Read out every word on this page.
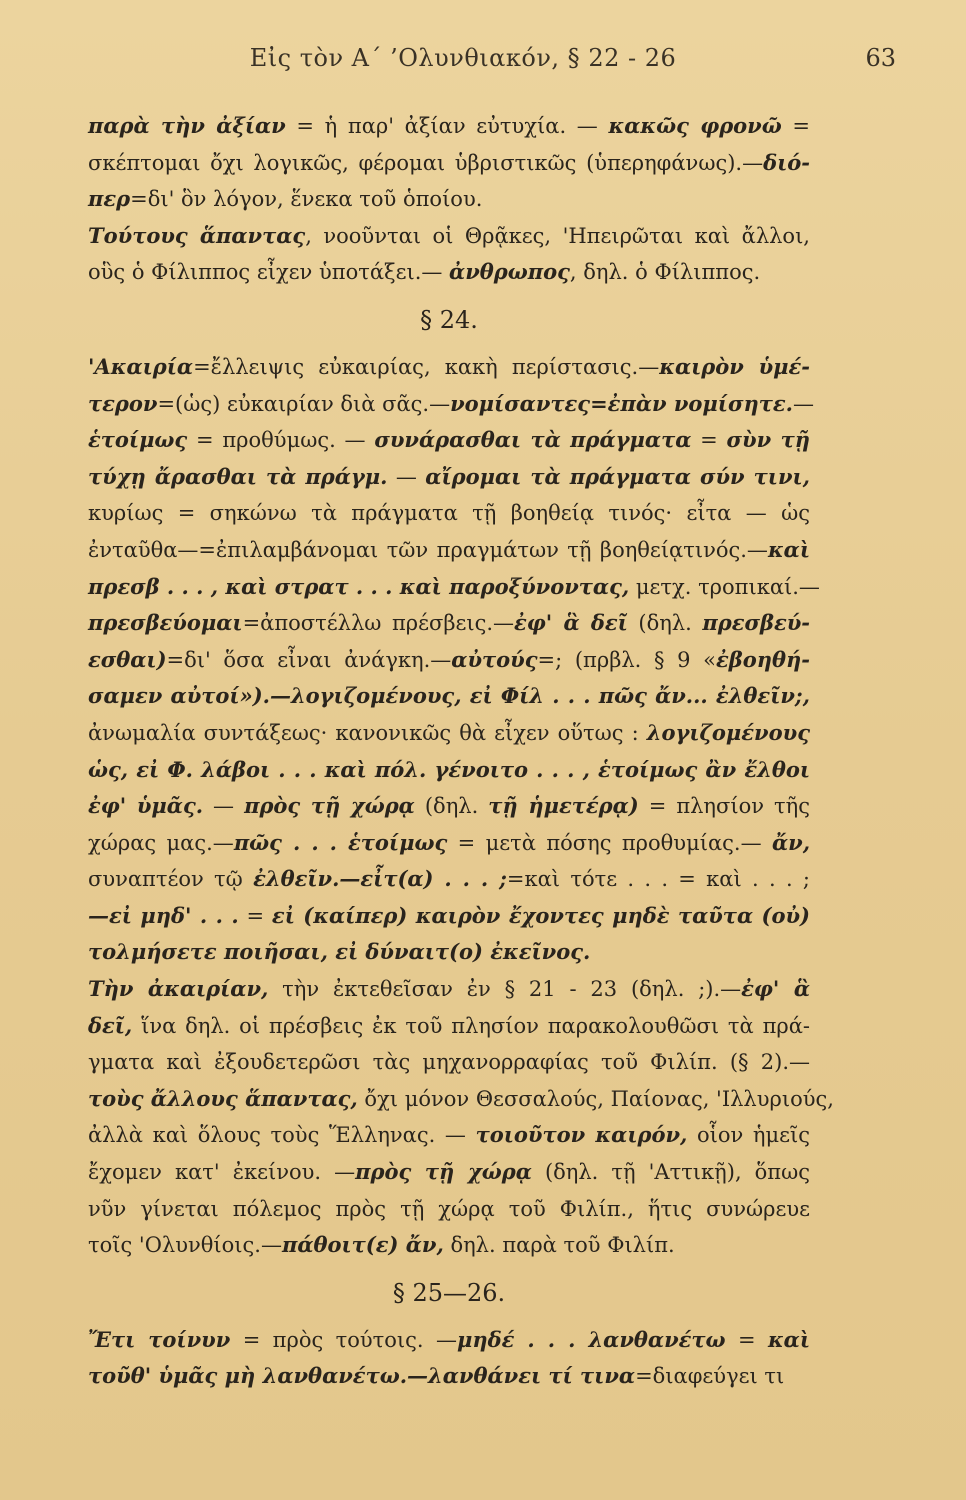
Εἰς τὸν Α΄ ’Ολυνθιακόν, § 22 - 26	63
παρὰ τὴν ἀξίαν = ἡ παρ' ἀξίαν εὐτυχία. — κακῶς φρονῶ =
σκέπτομαι ὄχι λογικῶς, φέρομαι ὑβριστικῶς (ὑπερηφάνως).—διό-
περ=δι' ὃν λόγον, ἕνεκα τοῦ ὁποίου.
Τούτους ἅπαντας, νοοῦνται οἱ Θρᾷκες, 'Ηπειρῶται καὶ ἄλλοι,
οὓς ὁ Φίλιππος εἶχεν ὑποτάξει.— ἀνθρωπος, δηλ. ὁ Φίλιππος.
§ 24.
'Ακαιρία=ἔλλειψις εὐκαιρίας, κακὴ περίστασις.—καιρὸν ὑμέ-
τερον=(ὡς) εὐκαιρίαν διὰ σᾶς.—νομίσαντες=ἐπὰν νομίσητε.—
ἑτοίμως = προθύμως. — συνάρασθαι τὰ πράγματα = σὺν τῇ
τύχῃ ἄρασθαι τὰ πράγμ. — αἴρομαι τὰ πράγματα σύν τινι,
κυρίως = σηκώνω τὰ πράγματα τῇ βοηθείᾳ τινός· εἶτα — ὡς
ἐνταῦθα—=ἐπιλαμβάνομαι τῶν πραγμάτων τῇ βοηθείᾳτινός.—καὶ
πρεσβ . . . , καὶ στρατ . . . καὶ παροξύνοντας, μετχ. τροπικαί.—
πρεσβεύομαι=ἀποστέλλω πρέσβεις.—ἐφ' ἃ δεῖ (δηλ. πρεσβεύ-
εσθαι)=δι' ὅσα εἶναι ἀνάγκη.—αὐτούς=; (πρβλ. § 9 «ἐβοηθή-
σαμεν αὐτοί»).—λογιζομένους, εἰ Φίλ . . . πῶς ἄν... ἐλθεῖν;,
ἀνωμαλία συντάξεως· κανονικῶς θὰ εἶχεν οὕτως : λογιζομένους
ὡς, εἰ Φ. λάβοι . . . καὶ πόλ. γένοιτο . . . , ἑτοίμως ἂν ἔλθοι
ἐφ' ὑμᾶς. — πρὸς τῇ χώρᾳ (δηλ. τῇ ἡμετέρᾳ) = πλησίον τῆς
χώρας μας.—πῶς . . . ἑτοίμως = μετὰ πόσης προθυμίας.— ἄν,
συναπτέον τῷ ἐλθεῖν.—εἶτ(α) . . . ;=καὶ τότε . . . = καὶ . . . ;
—εἰ μηδ' . . . = εἰ (καίπερ) καιρὸν ἔχοντες μηδὲ ταῦτα (οὐ)
τολμήσετε ποιῆσαι, εἰ δύναιτ(ο) ἐκεῖνος.
Τὴν ἀκαιρίαν, τὴν ἐκτεθεῖσαν ἐν § 21 - 23 (δηλ. ;).—ἐφ' ἃ
δεῖ, ἵνα δηλ. οἱ πρέσβεις ἐκ τοῦ πλησίον παρακολουθῶσι τὰ πρά-
γματα καὶ ἐξουδετερῶσι τὰς μηχανορραφίας τοῦ Φιλίπ. (§ 2).—
τοὺς ἄλλους ἅπαντας, ὄχι μόνον Θεσσαλούς, Παίονας, 'Ιλλυριούς,
ἀλλὰ καὶ ὅλους τοὺς Ἕλληνας. — τοιοῦτον καιρόν, οἷον ἡμεῖς
ἔχομεν κατ' ἐκείνου. —πρὸς τῇ χώρᾳ (δηλ. τῇ 'Αττικῇ), ὅπως
νῦν γίνεται πόλεμος πρὸς τῇ χώρᾳ τοῦ Φιλίπ., ἥτις συνώρευε
τοῖς 'Ολυνθίοις.—πάθοιτ(ε) ἄν, δηλ. παρὰ τοῦ Φιλίπ.
§ 25—26.
Ἔτι τοίνυν = πρὸς τούτοις. —μηδέ . . . λανθανέτω = καὶ
τοῦθ' ὑμᾶς μὴ λανθανέτω.—λανθάνει τί τινα=διαφεύγει τι
